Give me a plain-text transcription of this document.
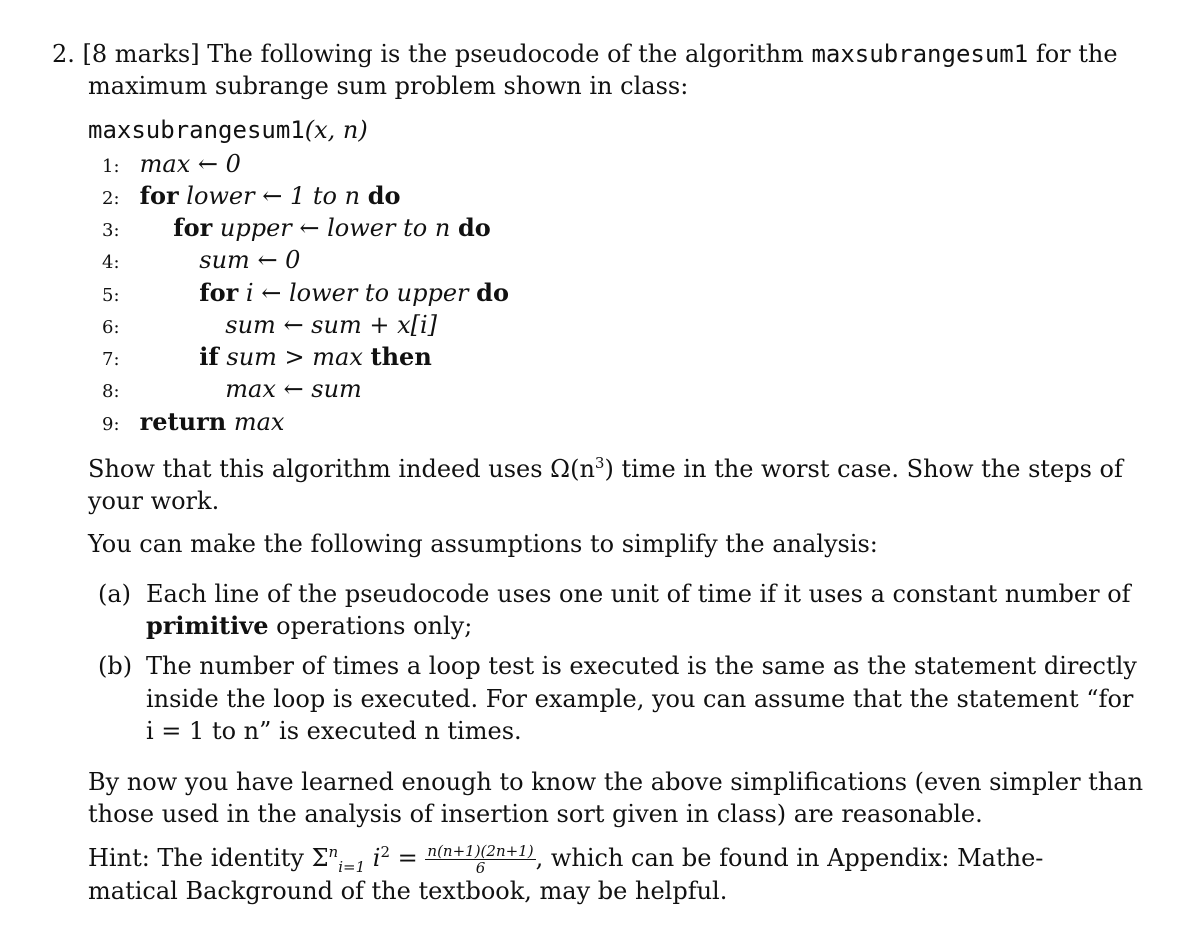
2. [8 marks] The following is the pseudocode of the algorithm maxsubrangesum1 for the
maximum subrange sum problem shown in class:
maxsubrangesum1(x, n)
1: max ← 0
2: for lower ← 1 to n do
3: for upper ← lower to n do
4:	sum ← 0
5:	for i ← lower to upper do
6:	sum ← sum + x[i]
7:	if sum > max then
8:	max ← sum
9: return max
Show that this algorithm indeed uses $\Omega(n^3)$ time in the worst case. Show the steps of
your work.
You can make the following assumptions to simplify the analysis:
(a) Each line of the pseudocode uses one unit of time if it uses a constant number of
primitive operations only;
(b) The number of times a loop test is executed is the same as the statement directly
inside the loop is executed. For example, you can assume that the statement “for
i = 1 to n” is executed n times.
By now you have learned enough to know the above simplifications (even simpler than
those used in the analysis of insertion sort given in class) are reasonable.
Hint: The identity $\Sigma^n_{i=1}$ $i^2 = \frac{n(n+1)(2n+1)}{6}$ , which can be found in Appendix: Mathe-
matical Background of the textbook, may be helpful.
